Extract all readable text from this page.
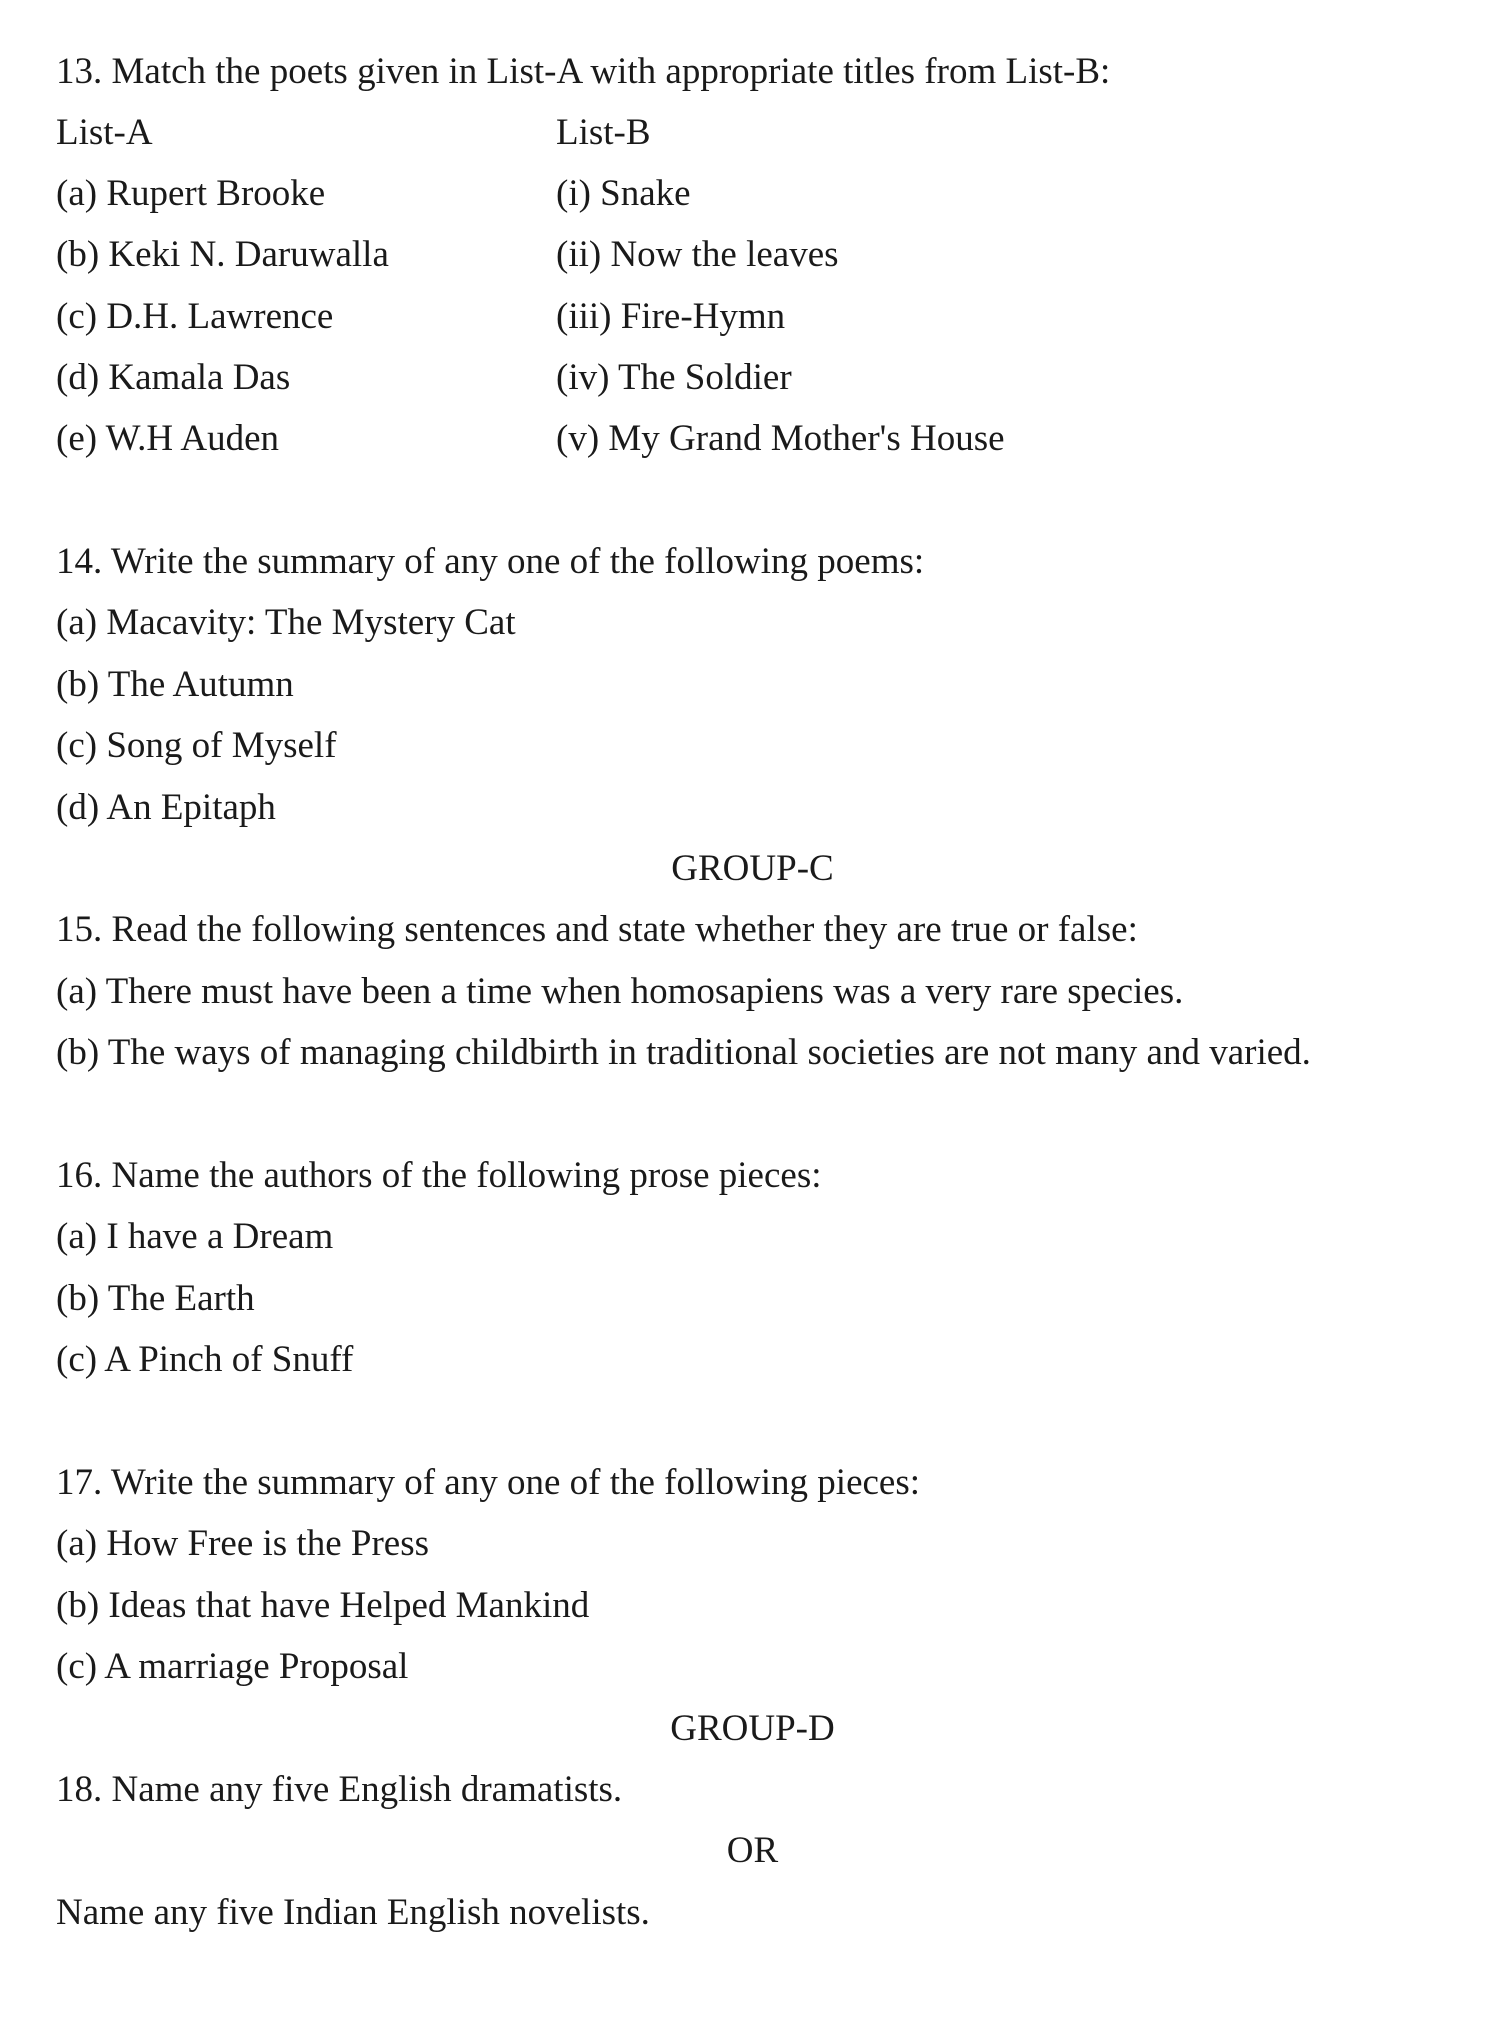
13. Match the poets given in List-A with appropriate titles from List-B:
List-A	List-B
(a) Rupert Brooke	(i) Snake
(b) Keki N. Daruwalla	(ii) Now the leaves
(c) D.H. Lawrence	(iii) Fire-Hymn
(d) Kamala Das	(iv) The Soldier
(e) W.H Auden	(v) My Grand Mother's House
14. Write the summary of any one of the following poems:
(a) Macavity: The Mystery Cat
(b) The Autumn
(c) Song of Myself
(d) An Epitaph
GROUP-C
15. Read the following sentences and state whether they are true or false:
(a) There must have been a time when homosapiens was a very rare species.
(b) The ways of managing childbirth in traditional societies are not many and varied.
16. Name the authors of the following prose pieces:
(a) I have a Dream
(b) The Earth
(c) A Pinch of Snuff
17. Write the summary of any one of the following pieces:
(a) How Free is the Press
(b) Ideas that have Helped Mankind
(c) A marriage Proposal
GROUP-D
18. Name any five English dramatists.
OR
Name any five Indian English novelists.
